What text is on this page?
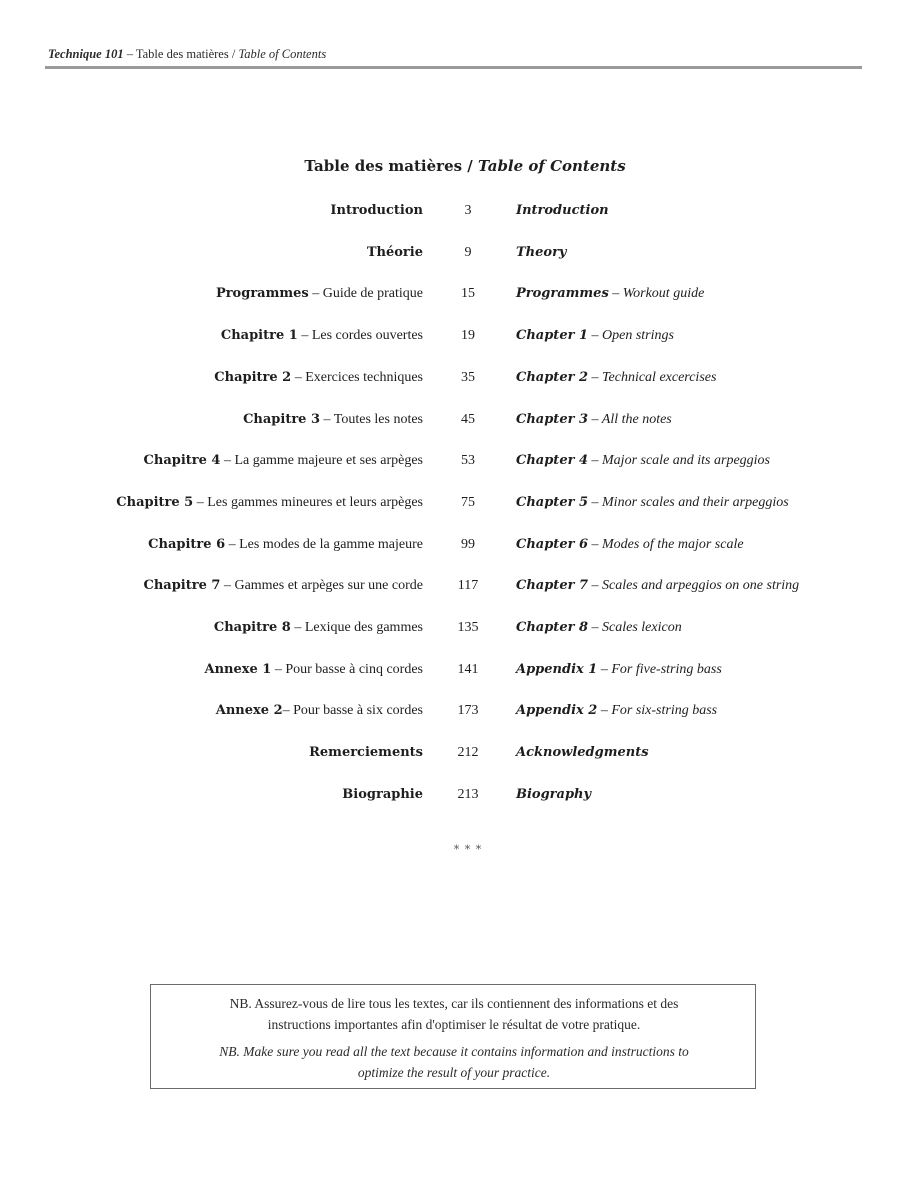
Technique 101 – Table des matières / Table of Contents
Table des matières / Table of Contents
Introduction	3	Introduction
Théorie	9	Theory
Programmes – Guide de pratique	15	Programmes – Workout guide
Chapitre 1 – Les cordes ouvertes	19	Chapter 1 – Open strings
Chapitre 2 – Exercices techniques	35	Chapter 2 – Technical excercises
Chapitre 3 – Toutes les notes	45	Chapter 3 – All the notes
Chapitre 4 – La gamme majeure et ses arpèges	53	Chapter 4 – Major scale and its arpeggios
Chapitre 5 – Les gammes mineures et leurs arpèges	75	Chapter 5 – Minor scales and their arpeggios
Chapitre 6 – Les modes de la gamme majeure	99	Chapter 6 – Modes of the major scale
Chapitre 7 – Gammes et arpèges sur une corde	117	Chapter 7 – Scales and arpeggios on one string
Chapitre 8 – Lexique des gammes	135	Chapter 8 – Scales lexicon
Annexe 1 – Pour basse à cinq cordes	141	Appendix 1 – For five-string bass
Annexe 2– Pour basse à six cordes	173	Appendix 2 – For six-string bass
Remerciements	212	Acknowledgments
Biographie	213	Biography
* * *
NB. Assurez-vous de lire tous les textes, car ils contiennent des informations et des
instructions importantes afin d'optimiser le résultat de votre pratique.
NB. Make sure you read all the text because it contains information and instructions to
optimize the result of your practice.
